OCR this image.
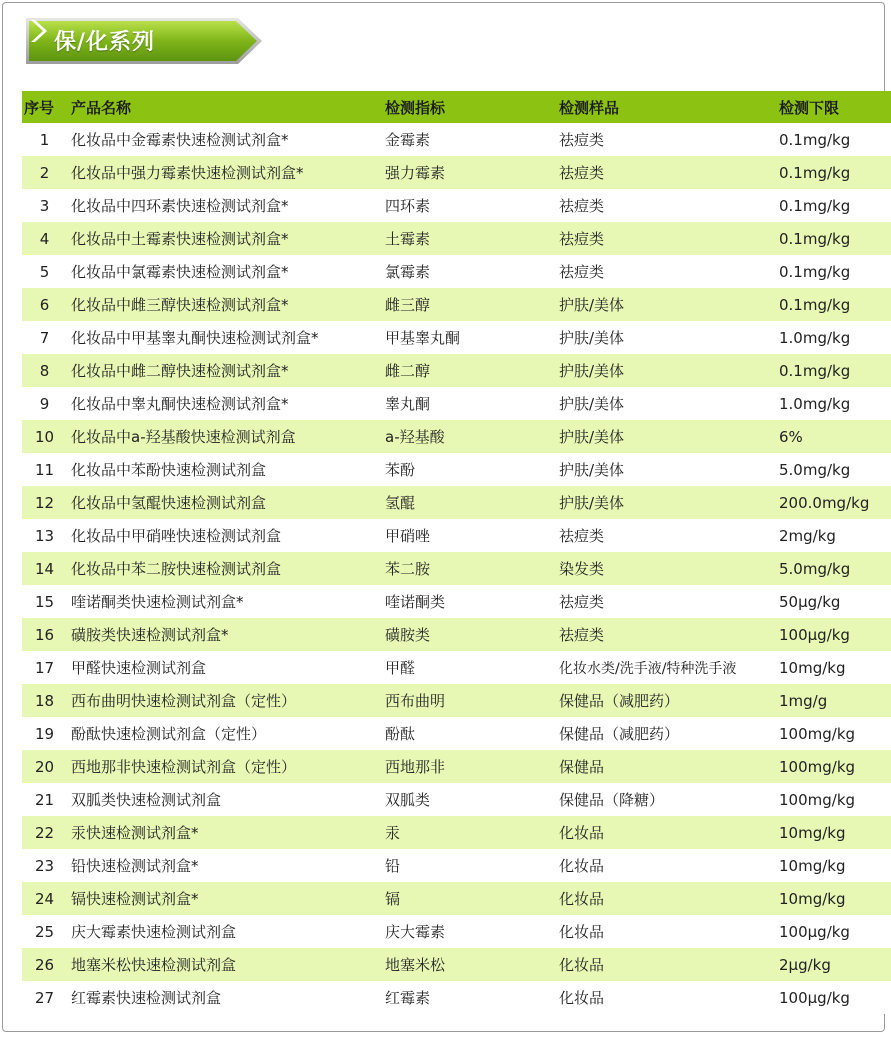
保/化系列
序号	产品名称	检测指标	检测样品	检测下限
1	化妆品中金霉素快速检测试剂盒*	金霉素	祛痘类	0.1mg/kg
2	化妆品中强力霉素快速检测试剂盒*	强力霉素	祛痘类	0.1mg/kg
3	化妆品中四环素快速检测试剂盒*	四环素	祛痘类	0.1mg/kg
4	化妆品中土霉素快速检测试剂盒*	土霉素	祛痘类	0.1mg/kg
5	化妆品中氯霉素快速检测试剂盒*	氯霉素	祛痘类	0.1mg/kg
6	化妆品中雌三醇快速检测试剂盒*	雌三醇	护肤/美体	0.1mg/kg
7	化妆品中甲基睾丸酮快速检测试剂盒*	甲基睾丸酮	护肤/美体	1.0mg/kg
8	化妆品中雌二醇快速检测试剂盒*	雌二醇	护肤/美体	0.1mg/kg
9	化妆品中睾丸酮快速检测试剂盒*	睾丸酮	护肤/美体	1.0mg/kg
10	化妆品中a-羟基酸快速检测试剂盒	a-羟基酸	护肤/美体	6%
11	化妆品中苯酚快速检测试剂盒	苯酚	护肤/美体	5.0mg/kg
12	化妆品中氢醌快速检测试剂盒	氢醌	护肤/美体	200.0mg/kg
13	化妆品中甲硝唑快速检测试剂盒	甲硝唑	祛痘类	2mg/kg
14	化妆品中苯二胺快速检测试剂盒	苯二胺	染发类	5.0mg/kg
15	喹诺酮类快速检测试剂盒*	喹诺酮类	祛痘类	50μg/kg
16	磺胺类快速检测试剂盒*	磺胺类	祛痘类	100μg/kg
17	甲醛快速检测试剂盒	甲醛	化妆水类/洗手液/特种洗手液	10mg/kg
18	西布曲明快速检测试剂盒（定性）	西布曲明	保健品（减肥药）	1mg/g
19	酚酞快速检测试剂盒（定性）	酚酞	保健品（减肥药）	100mg/kg
20	西地那非快速检测试剂盒（定性）	西地那非	保健品	100mg/kg
21	双胍类快速检测试剂盒	双胍类	保健品（降糖）	100mg/kg
22	汞快速检测试剂盒*	汞	化妆品	10mg/kg
23	铅快速检测试剂盒*	铅	化妆品	10mg/kg
24	镉快速检测试剂盒*	镉	化妆品	10mg/kg
25	庆大霉素快速检测试剂盒	庆大霉素	化妆品	100μg/kg
26	地塞米松快速检测试剂盒	地塞米松	化妆品	2μg/kg
27	红霉素快速检测试剂盒	红霉素	化妆品	100μg/kg
